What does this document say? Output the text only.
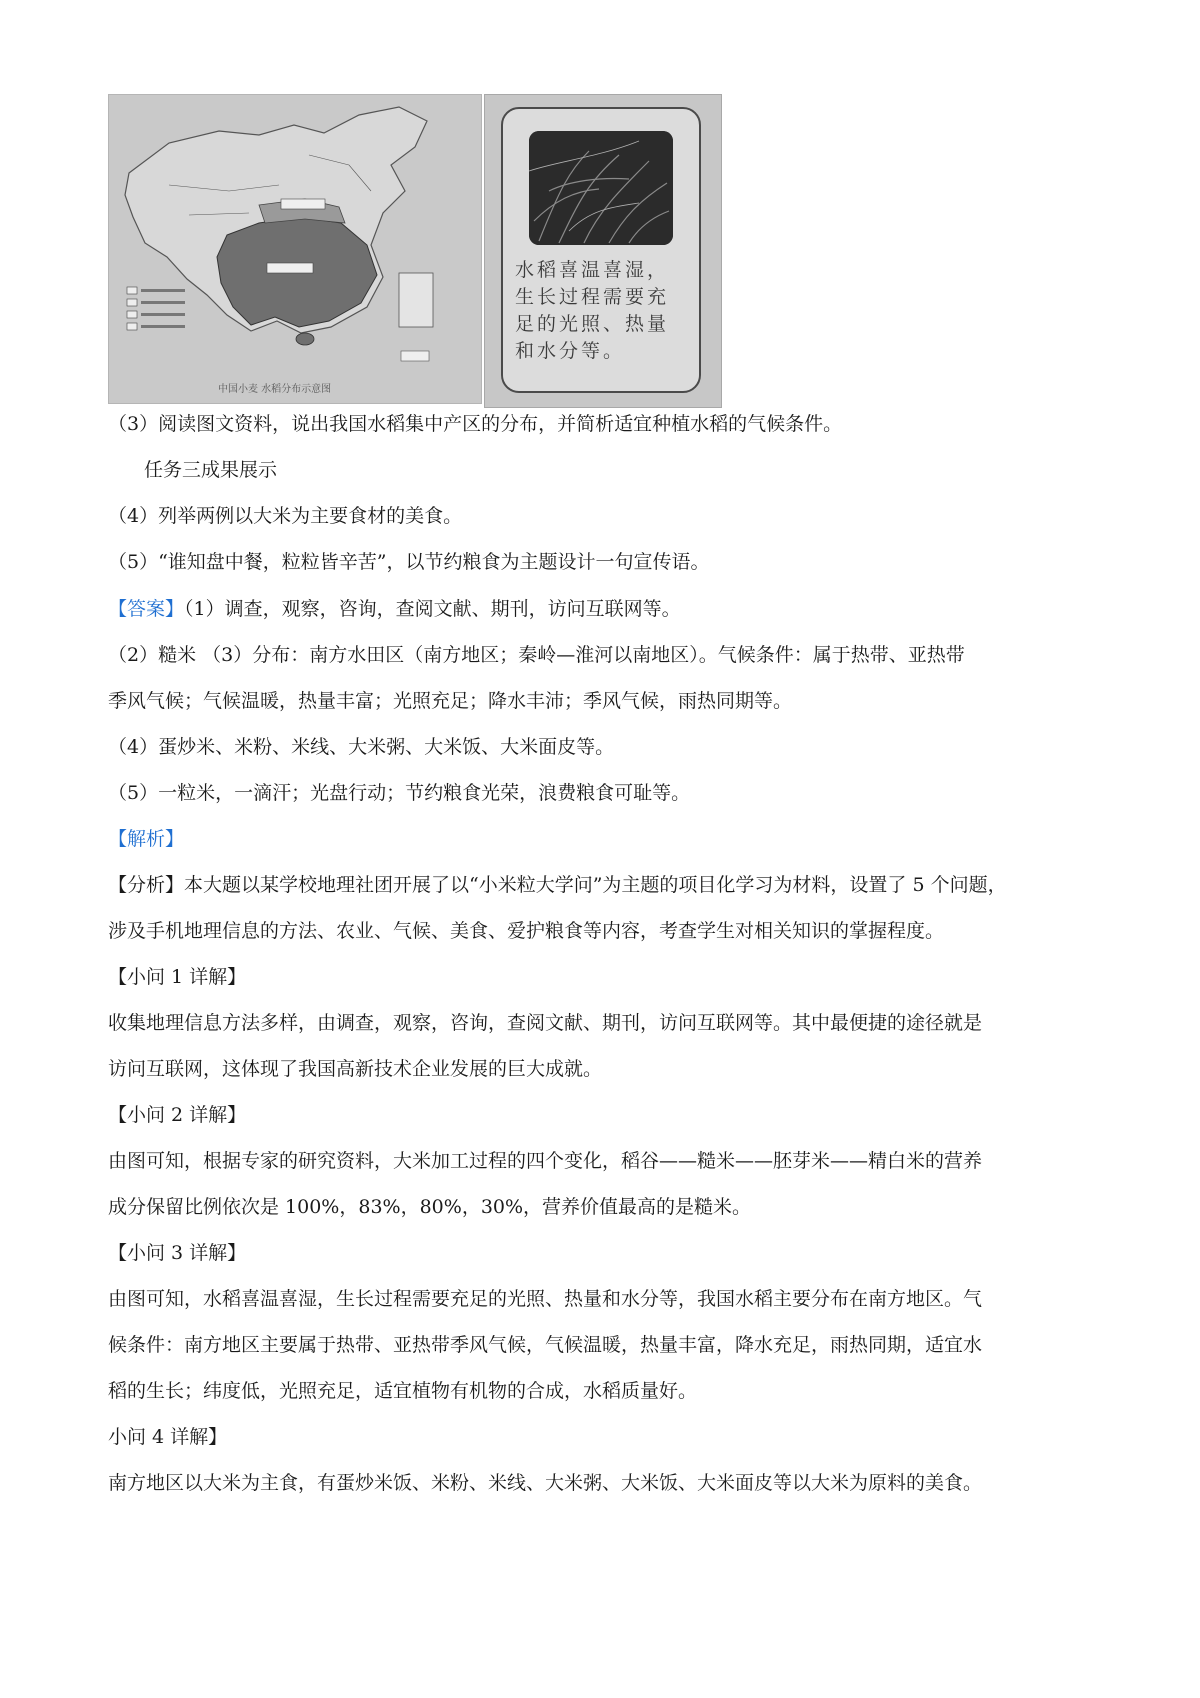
中国小麦 水稻分布示意图
水稻喜温喜湿，生长过程需要充足的光照、热量和水分等。
（3）阅读图文资料，说出我国水稻集中产区的分布，并简析适宜种植水稻的气候条件。
任务三成果展示
（4）列举两例以大米为主要食材的美食。
（5）“谁知盘中餐，粒粒皆辛苦”，以节约粮食为主题设计一句宣传语。
【答案】（1）调查，观察，咨询，查阅文献、期刊，访问互联网等。
（2）糙米 （3）分布：南方水田区（南方地区；秦岭—淮河以南地区）。气候条件：属于热带、亚热带
季风气候；气候温暖，热量丰富；光照充足；降水丰沛；季风气候，雨热同期等。
（4）蛋炒米、米粉、米线、大米粥、大米饭、大米面皮等。
（5）一粒米，一滴汗；光盘行动；节约粮食光荣，浪费粮食可耻等。
【解析】
【分析】本大题以某学校地理社团开展了以“小米粒大学问”为主题的项目化学习为材料，设置了 5 个问题，
涉及手机地理信息的方法、农业、气候、美食、爱护粮食等内容，考查学生对相关知识的掌握程度。
【小问 1 详解】
收集地理信息方法多样，由调查，观察，咨询，查阅文献、期刊，访问互联网等。其中最便捷的途径就是
访问互联网，这体现了我国高新技术企业发展的巨大成就。
【小问 2 详解】
由图可知，根据专家的研究资料，大米加工过程的四个变化，稻谷——糙米——胚芽米——精白米的营养
成分保留比例依次是 100%，83%，80%，30%，营养价值最高的是糙米。
【小问 3 详解】
由图可知，水稻喜温喜湿，生长过程需要充足的光照、热量和水分等，我国水稻主要分布在南方地区。气
候条件：南方地区主要属于热带、亚热带季风气候，气候温暖，热量丰富，降水充足，雨热同期，适宜水
稻的生长；纬度低，光照充足，适宜植物有机物的合成，水稻质量好。
小问 4 详解】
南方地区以大米为主食，有蛋炒米饭、米粉、米线、大米粥、大米饭、大米面皮等以大米为原料的美食。
